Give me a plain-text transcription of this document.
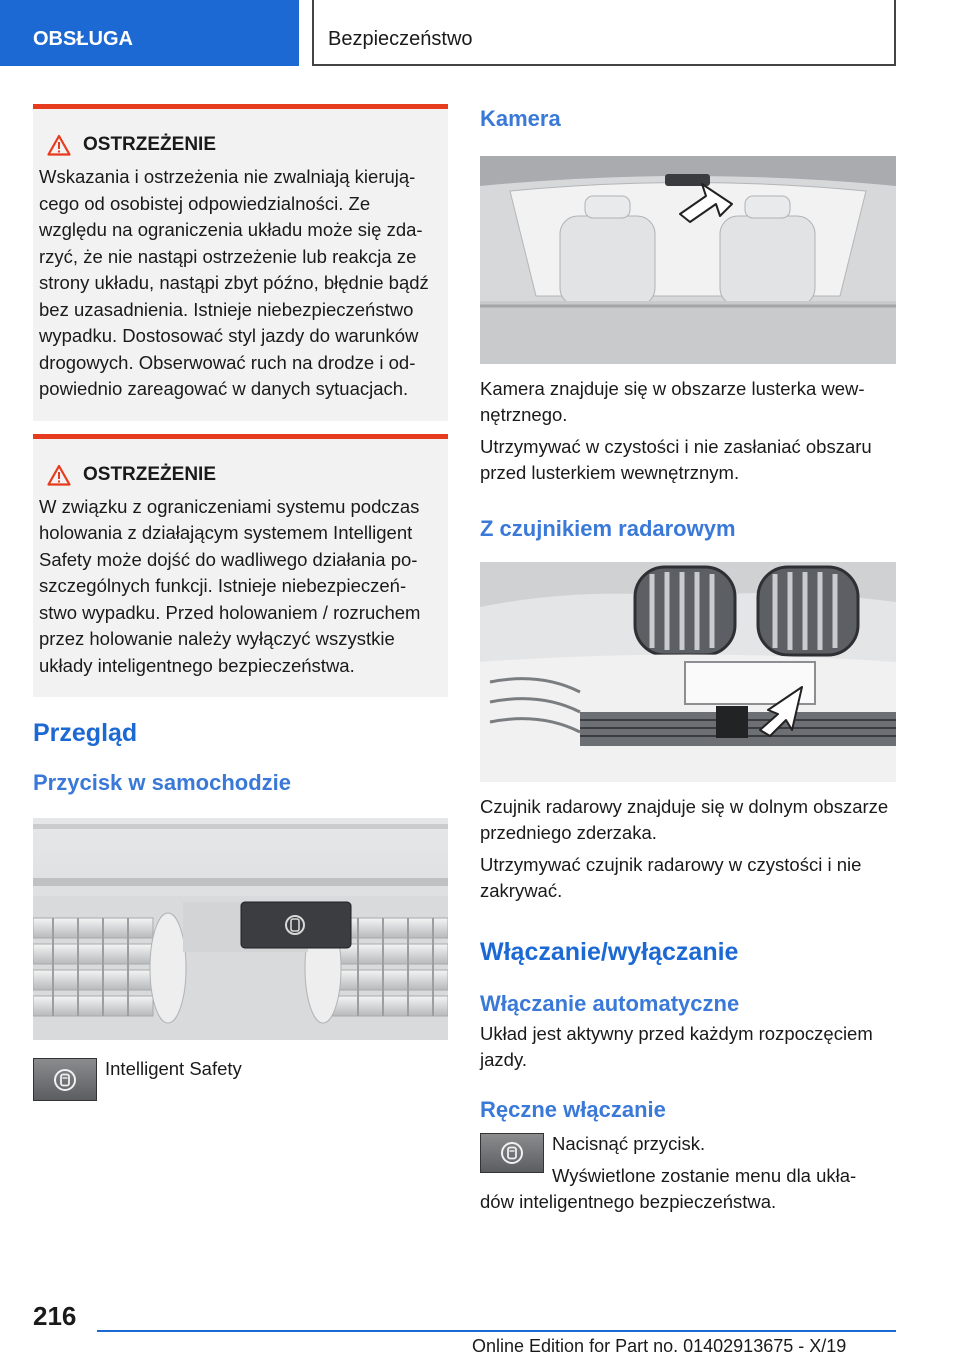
OBSŁUGA	Bezpieczeństwo
OSTRZEŻENIE
Wskazania i ostrzeżenia nie zwalniają kierują-
cego od osobistej odpowiedzialności. Ze
względu na ograniczenia układu może się zda-
rzyć, że nie nastąpi ostrzeżenie lub reakcja ze
strony układu, nastąpi zbyt późno, błędnie bądź
bez uzasadnienia. Istnieje niebezpieczeństwo
wypadku. Dostosować styl jazdy do warunków
drogowych. Obserwować ruch na drodze i od-
powiednio zareagować w danych sytuacjach.
OSTRZEŻENIE
W związku z ograniczeniami systemu podczas
holowania z działającym systemem Intelligent
Safety może dojść do wadliwego działania po-
szczególnych funkcji. Istnieje niebezpieczeń-
stwo wypadku. Przed holowaniem / rozruchem
przez holowanie należy wyłączyć wszystkie
układy inteligentnego bezpieczeństwa.
Przegląd
Przycisk w samochodzie

Intelligent Safety

Kamera

Kamera znajduje się w obszarze lusterka wew-
nętrznego.

Utrzymywać w czystości i nie zasłaniać obszaru
przed lusterkiem wewnętrznym.

Z czujnikiem radarowym

Czujnik radarowy znajduje się w dolnym obszarze
przedniego zderzaka.

Utrzymywać czujnik radarowy w czystości i nie
zakrywać.

Włączanie/wyłączanie
Włączanie automatyczne

Układ jest aktywny przed każdym rozpoczęciem
jazdy.

Ręczne włączanie

Nacisnąć przycisk.

Wyświetlone zostanie menu dla ukła-

dów inteligentnego bezpieczeństwa.

216
Online Edition for Part no. 01402913675 - X/19
